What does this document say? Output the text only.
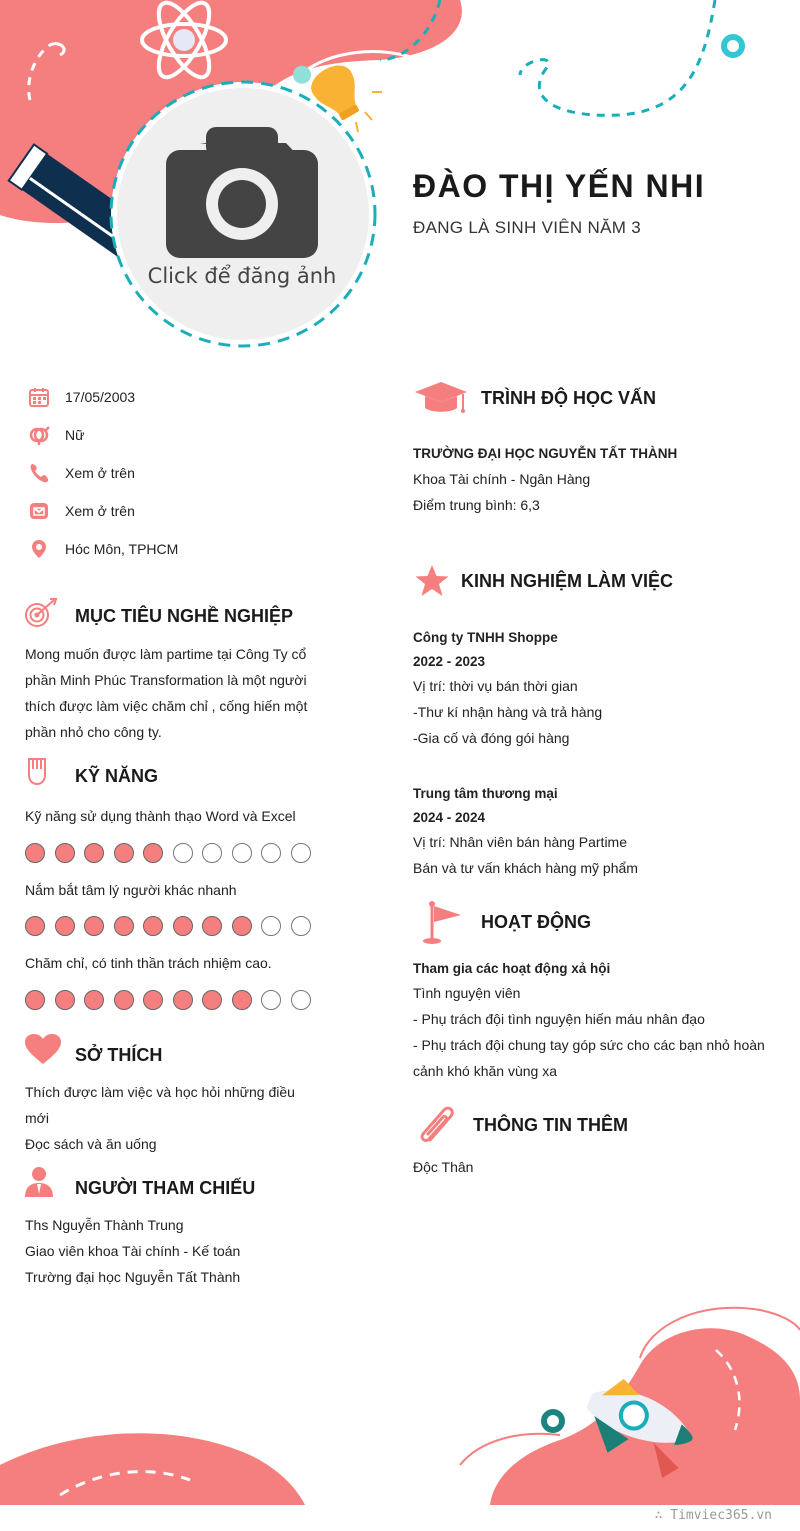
Click để đăng ảnh
ĐÀO THỊ YẾN NHI
ĐANG LÀ SINH VIÊN NĂM 3
17/05/2003
Nữ
Xem ở trên
Xem ở trên
Hóc Môn, TPHCM
MỤC TIÊU NGHỀ NGHIỆP
Mong muốn được làm partime tại Công Ty cổ
phần Minh Phúc Transformation là một người
thích được làm việc chăm chỉ , cống hiến một
phần nhỏ cho công ty.
KỸ NĂNG
Kỹ năng sử dụng thành thạo Word và Excel
Nắm bắt tâm lý người khác nhanh
Chăm chỉ, có tinh thần trách nhiệm cao.
SỞ THÍCH
Thích được làm việc và học hỏi những điều
mới
Đọc sách và ăn uống
NGƯỜI THAM CHIẾU
Ths Nguyễn Thành Trung
Giao viên khoa Tài chính - Kế toán
Trường đại học Nguyễn Tất Thành
TRÌNH ĐỘ HỌC VẤN
TRƯỜNG ĐẠI HỌC NGUYỄN TẤT THÀNH
Khoa Tài chính - Ngân Hàng
Điểm trung bình: 6,3
KINH NGHIỆM LÀM VIỆC
Công ty TNHH Shoppe
2022 - 2023
Vị trí: thời vụ bán thời gian
-Thư kí nhận hàng và trả hàng
-Gia cố và đóng gói hàng
Trung tâm thương mại
2024 - 2024
Vị trí: Nhân viên bán hàng Partime
Bán và tư vấn khách hàng mỹ phẩm
HOẠT ĐỘNG
Tham gia các hoạt động xả hội
Tình nguyện viên
- Phụ trách đội tình nguyện hiến máu nhân đạo
- Phụ trách đội chung tay góp sức cho các bạn nhỏ hoàn
cảnh khó khăn vùng xa
THÔNG TIN THÊM
Độc Thân
∴ Timviec365.vn
